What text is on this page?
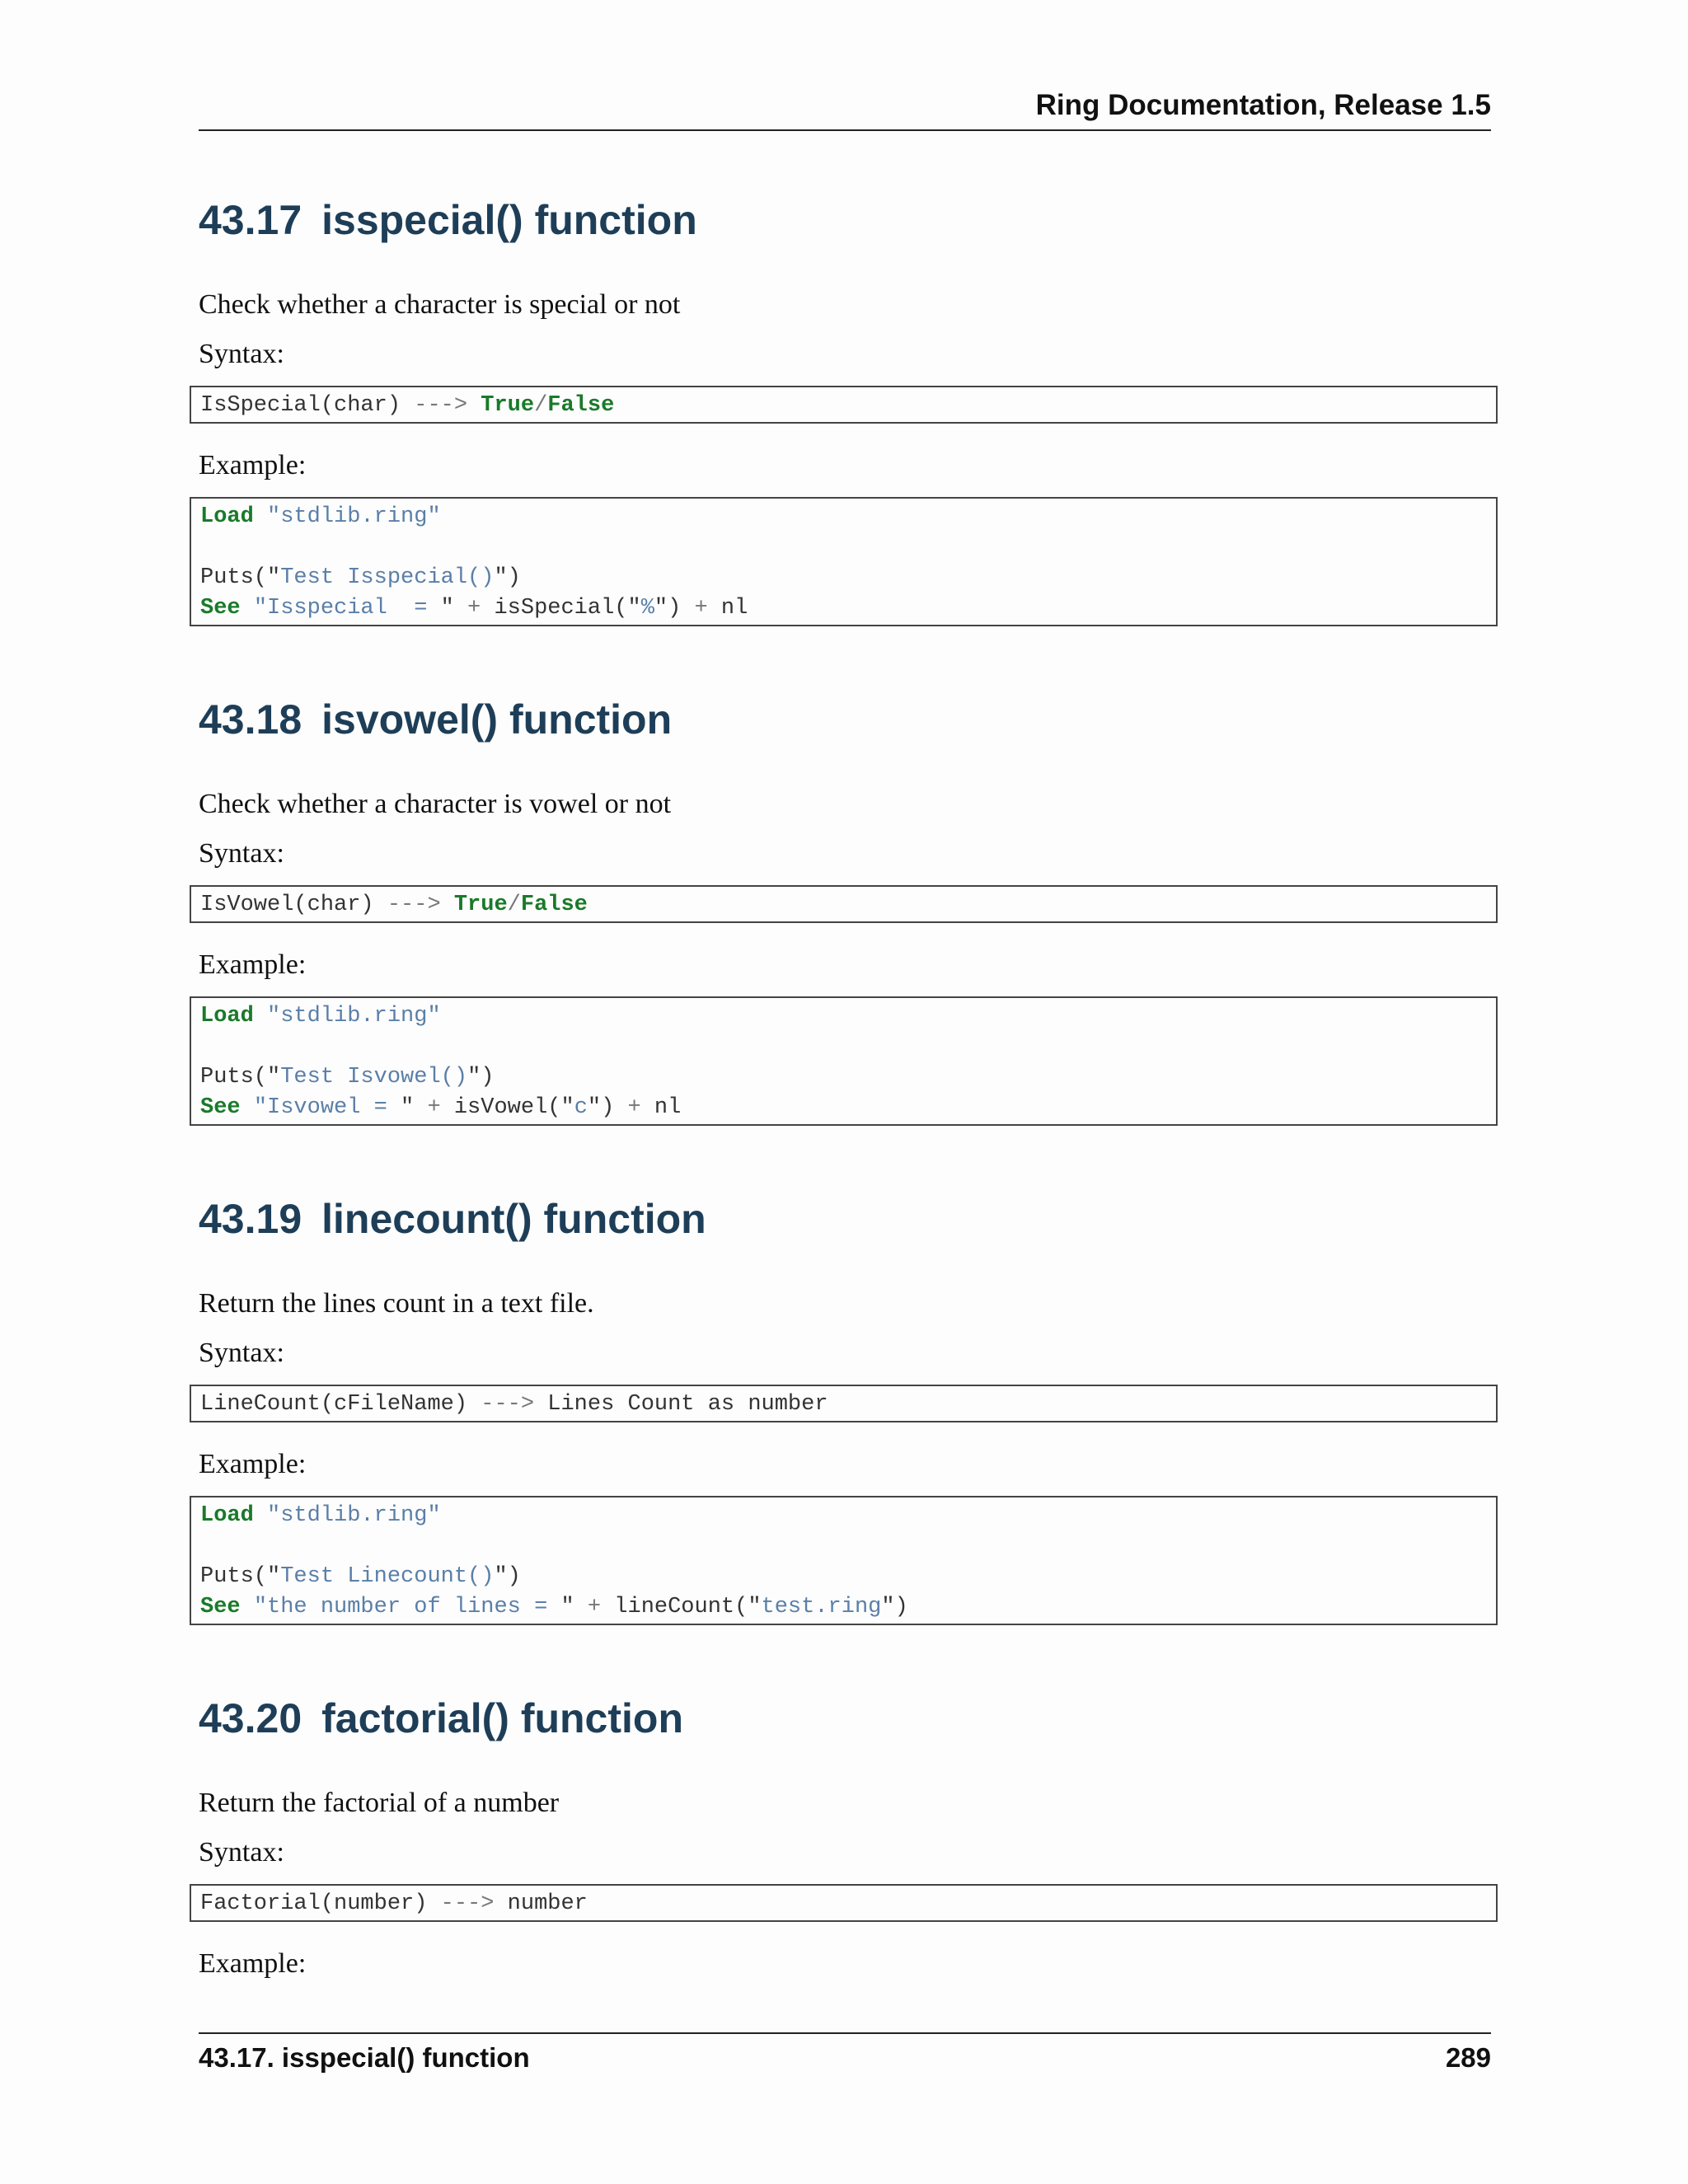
Ring Documentation, Release 1.5
43.17 isspecial() function
Check whether a character is special or not
Syntax:
IsSpecial(char) ---> True/False
Example:
Load "stdlib.ring"
Puts("Test Isspecial()")
See "Isspecial  = " + isSpecial("%") + nl
43.18 isvowel() function
Check whether a character is vowel or not
Syntax:
IsVowel(char) ---> True/False
Example:
Load "stdlib.ring"
Puts("Test Isvowel()")
See "Isvowel = " + isVowel("c") + nl
43.19 linecount() function
Return the lines count in a text file.
Syntax:
LineCount(cFileName) ---> Lines Count as number
Example:
Load "stdlib.ring"
Puts("Test Linecount()")
See "the number of lines = " + lineCount("test.ring")
43.20 factorial() function
Return the factorial of a number
Syntax:
Factorial(number) ---> number
Example:
43.17. isspecial() function	289
